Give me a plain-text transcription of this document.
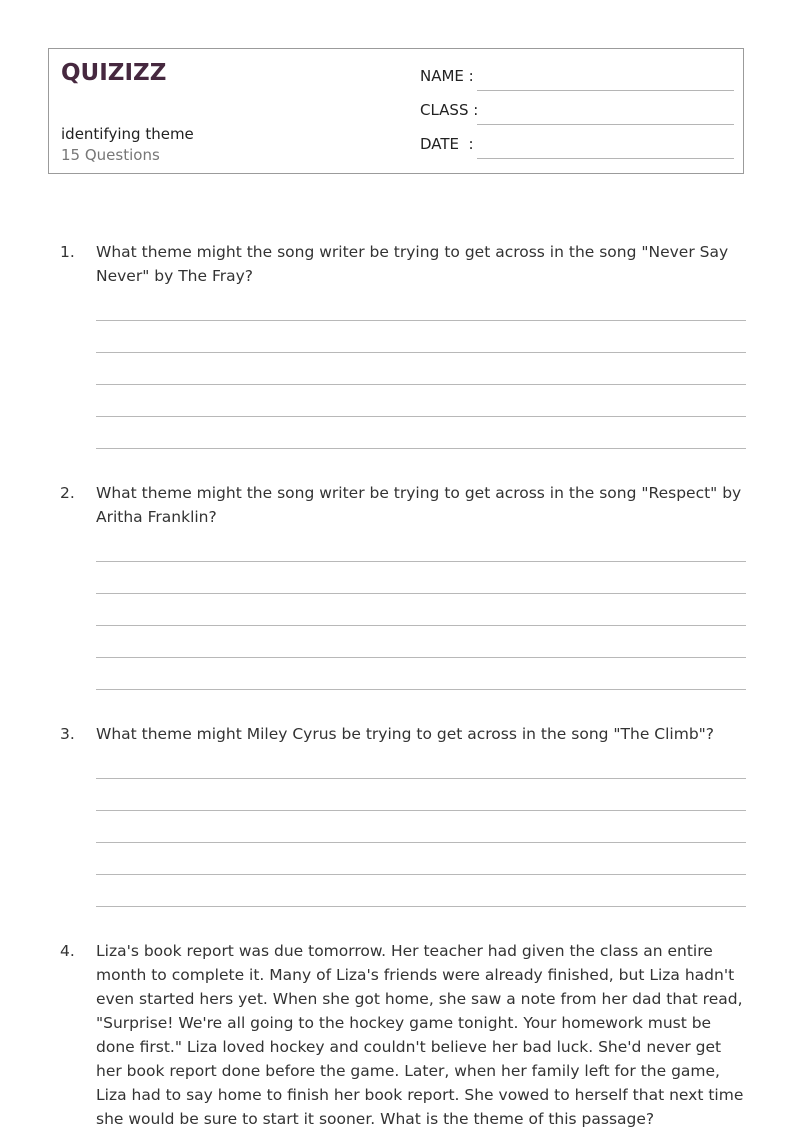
QUIZIZZ
identifying theme
15 Questions
NAME :
CLASS :
DATE  :
1. What theme might the song writer be trying to get across in the song "Never Say Never" by The Fray?

2. What theme might the song writer be trying to get across in the song "Respect" by Aritha Franklin?

3. What theme might Miley Cyrus be trying to get across in the song "The Climb"?

4. Liza's book report was due tomorrow. Her teacher had given the class an entire month to complete it. Many of Liza's friends were already finished, but Liza hadn't even started hers yet. When she got home, she saw a note from her dad that read, "Surprise! We're all going to the hockey game tonight. Your homework must be done first." Liza loved hockey and couldn't believe her bad luck. She'd never get her book report done before the game. Later, when her family left for the game, Liza had to say home to finish her book report. She vowed to herself that next time she would be sure to start it sooner. What is the theme of this passage?
